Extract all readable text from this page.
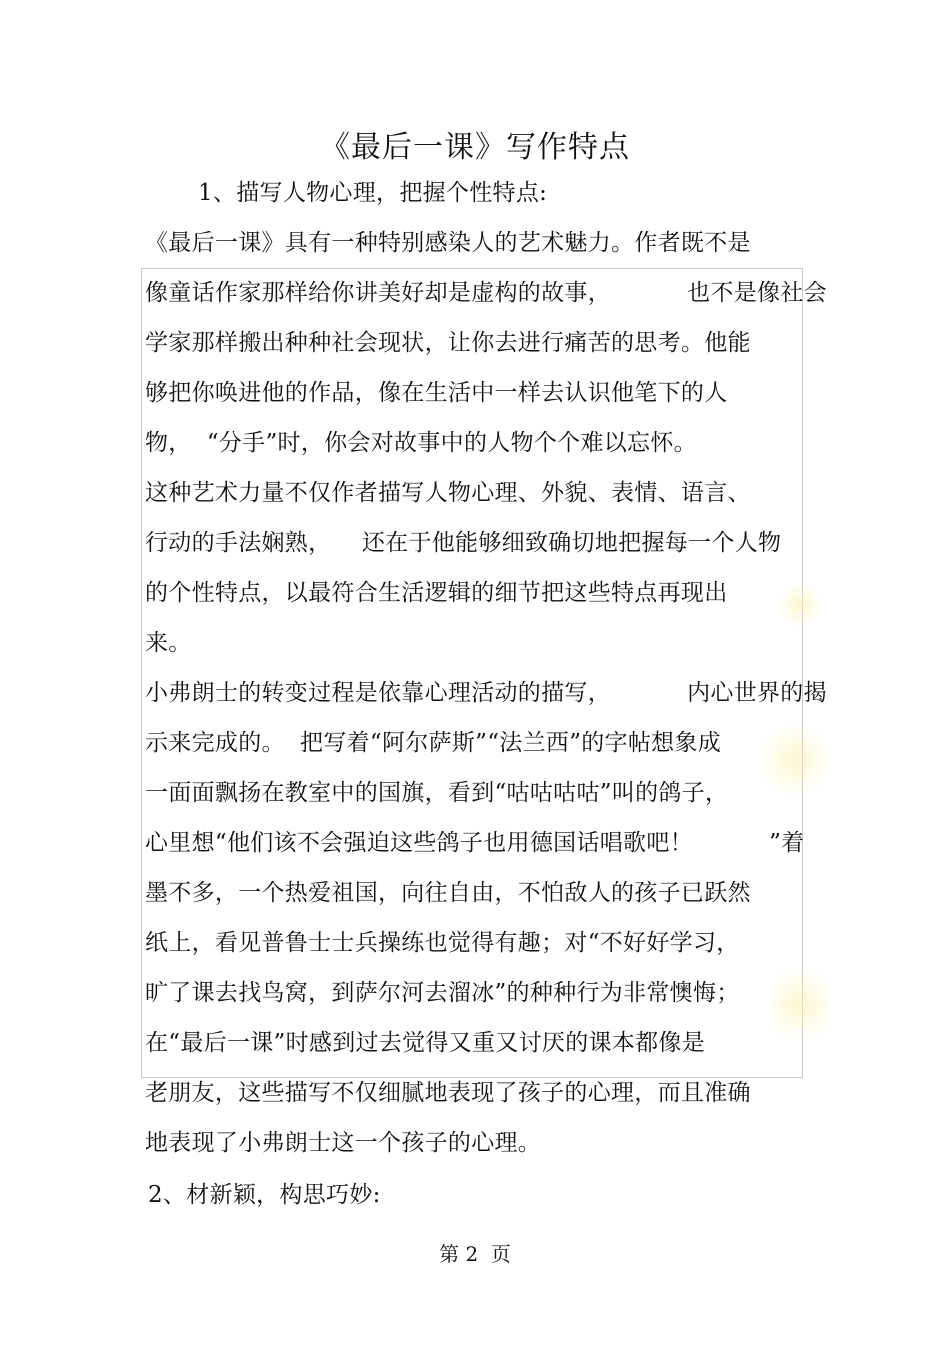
《最后一课》写作特点
1、描写人物心理，把握个性特点:
《最后一课》具有一种特别感染人的艺术魅力。作者既不是
像童话作家那样给你讲美好却是虚构的故事，          也不是像社会
学家那样搬出种种社会现状，让你去进行痛苦的思考。他能
够把你唤进他的作品，像在生活中一样去认识他笔下的人
物，  “分手”时，你会对故事中的人物个个难以忘怀。
这种艺术力量不仅作者描写人物心理、外貌、表情、语言、
行动的手法娴熟，    还在于他能够细致确切地把握每一个人物
的个性特点，以最符合生活逻辑的细节把这些特点再现出
来。
小弗朗士的转变过程是依靠心理活动的描写，          内心世界的揭
示来完成的。  把写着“阿尔萨斯”“法兰西”的字帖想象成
一面面飘扬在教室中的国旗，看到“咕咕咕咕”叫的鸽子，
心里想“他们该不会强迫这些鸽子也用德国话唱歌吧！          ”着
墨不多，一个热爱祖国，向往自由，不怕敌人的孩子已跃然
纸上，看见普鲁士士兵操练也觉得有趣；对“不好好学习，
旷了课去找鸟窝，到萨尔河去溜冰”的种种行为非常懊悔；
在“最后一课”时感到过去觉得又重又讨厌的课本都像是
老朋友，这些描写不仅细腻地表现了孩子的心理，而且准确
地表现了小弗朗士这一个孩子的心理。
2、材新颖，构思巧妙:
第 2  页
